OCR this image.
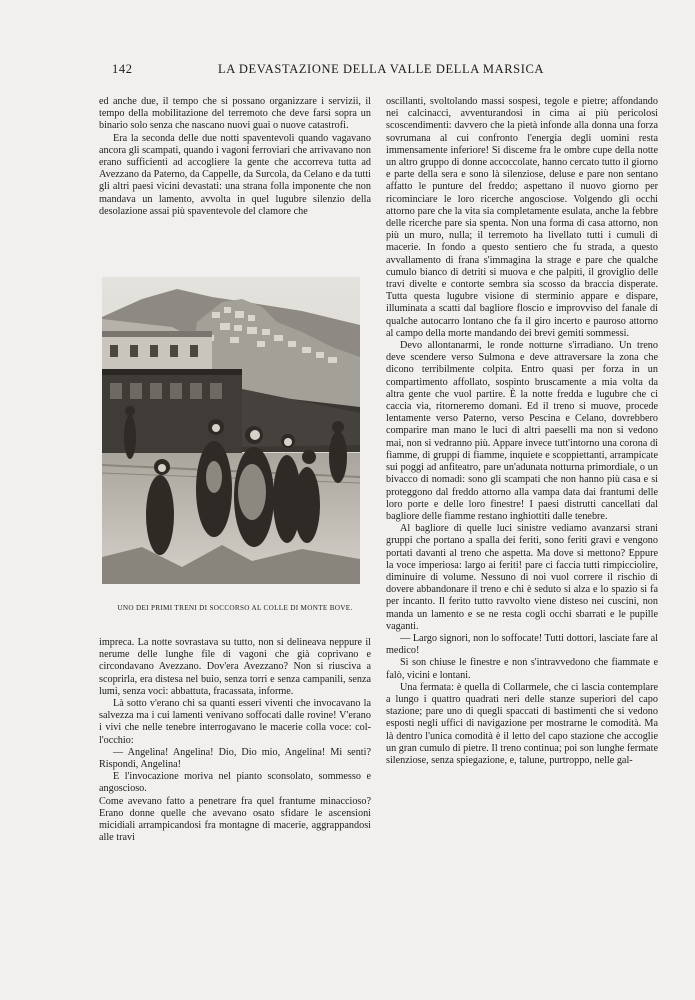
142	LA DEVASTAZIONE DELLA VALLE DELLA MARSICA

ed anche due, il tempo che si possano organizzare i servizii, il tempo della mobilitazione del terremoto che deve farsi sopra un binario solo senza che nascano nuovi guai o nuove catastrofi.

Era la seconda delle due notti spaventevoli quando vagavano ancora gli scampati, quando i vagoni ferroviari che arrivavano non erano sufficienti ad accogliere la gente che accorreva tutta ad Avezzano da Paterno, da Cappelle, da Surcola, da Celano e da tutti gli altri paesi vicini devastati: una strana folla imponente che non mandava un lamento, avvolta in quel lugubre silenzio della desolazione assai più spaventevole del clamore che

UNO DEI PRIMI TRENI DI SOCCORSO AL COLLE DI MONTE BOVE.

impreca. La notte sovrastava su tutto, non si delineava neppure il nerume delle lunghe file di vagoni che già coprivano e circondavano Avezzano. Dov'era Avezzano? Non si riusciva a scoprirla, era distesa nel buio, senza torri e senza campanili, senza lumi, senza voci: abbattuta, fracassata, informe.

Là sotto v'erano chi sa quanti esseri viventi che invocavano la salvezza ma i cui lamenti venivano soffocati dalle rovine! V'erano i vivi che nelle tenebre interrogavano le macerie colla voce: col-l'occhio:

— Angelina! Angelina! Dio, Dio mio, Angelina! Mi senti? Rispondi, Angelina!

E l'invocazione moriva nel pianto sconsolato, sommesso e angoscioso.

Come avevano fatto a penetrare fra quel frantume minaccioso? Erano donne quelle che avevano osato sfidare le ascensioni micidiali arrampicandosi fra montagne di macerie, aggrappandosi alle travi

oscillanti, svoltolando massi sospesi, tegole e pietre; affondando nei calcinacci, avventurandosi in cima ai più pericolosi scoscendimenti: davvero che la pietà infonde alla donna una forza sovrumana al cui confronto l'energia degli uomini resta immensamente inferiore! Si disceme fra le ombre cupe della notte un altro gruppo di donne accoccolate, hanno cercato tutto il giorno e parte della sera e sono là silenziose, deluse e pare non sentano affatto le punture del freddo; aspettano il nuovo giorno per ricominciare le loro ricerche angosciose. Volgendo gli occhi attorno pare che la vita sia completamente esulata, anche la febbre delle ricerche pare sia spenta. Non una forma di casa attorno, non più un muro, nulla; il terremoto ha livellato tutti i cumuli di macerie. In fondo a questo sentiero che fu strada, a questo avvallamento di frana s'immagina la strage e pare che qualche cumulo bianco di detriti si muova e che palpiti, il groviglio delle travi divelte e contorte sembra sia scosso da braccia disperate. Tutta questa lugubre visione di sterminio appare e dispare, illuminata a scatti dal bagliore floscio e improvviso del fanale di qualche autocarro lontano che fa il giro incerto e pauroso attorno al campo della morte mandando dei brevi gemiti sommessi.

Devo allontanarmi, le ronde notturne s'irradiano. Un treno deve scendere verso Sulmona e deve attraversare la zona che dicono terribilmente colpita. Entro quasi per forza in un compartimento affollato, sospinto bruscamente a mia volta da altra gente che vuol partire. È la notte fredda e lugubre che ci caccia via, ritorneremo domani. Ed il treno si muove, procede lentamente verso Paterno, verso Pescina e Celano, dovrebbero comparire man mano le luci di altri paeselli ma non si vedono mai, non si vedranno più. Appare invece tutt'intorno una corona di fiamme, di gruppi di fiamme, inquiete e scoppiettanti, arrampicate sui poggi ad anfiteatro, pare un'adunata notturna primordiale, o un bivacco di nomadi: sono gli scampati che non hanno più casa e si proteggono dal freddo attorno alla vampa data dai frantumi delle loro porte e delle loro finestre! I paesi distrutti cancellati dal bagliore delle fiamme restano inghiottiti dalle tenebre.

Al bagliore di quelle luci sinistre vediamo avanzarsi strani gruppi che portano a spalla dei feriti, sono feriti gravi e vengono portati davanti al treno che aspetta. Ma dove si mettono? Eppure la voce imperiosa: largo ai feriti! pare ci faccia tutti rimpicciolire, diminuire di volume. Nessuno di noi vuol correre il rischio di dovere abbandonare il treno e chi è seduto si alza e lo spazio si fa per incanto. Il ferito tutto ravvolto viene disteso nei cuscini, non manda un lamento e se ne resta cogli occhi sbarrati e le pupille vaganti.

— Largo signori, non lo soffocate! Tutti dottori, lasciate fare al medico!

Si son chiuse le finestre e non s'intravvedono che fiammate e falò, vicini e lontani.

Una fermata: è quella di Collarmele, che ci lascia contemplare a lungo i quattro quadrati neri delle stanze superiori del capo stazione; pare uno di quegli spaccati di bastimenti che si vedono esposti negli uffici di navigazione per mostrarne le comodità. Ma là dentro l'unica comodità è il letto del capo stazione che accoglie un gran cumulo di pietre. Il treno continua; poi son lunghe fermate silenziose, senza spiegazione, e, talune, purtroppo, nelle gal-
